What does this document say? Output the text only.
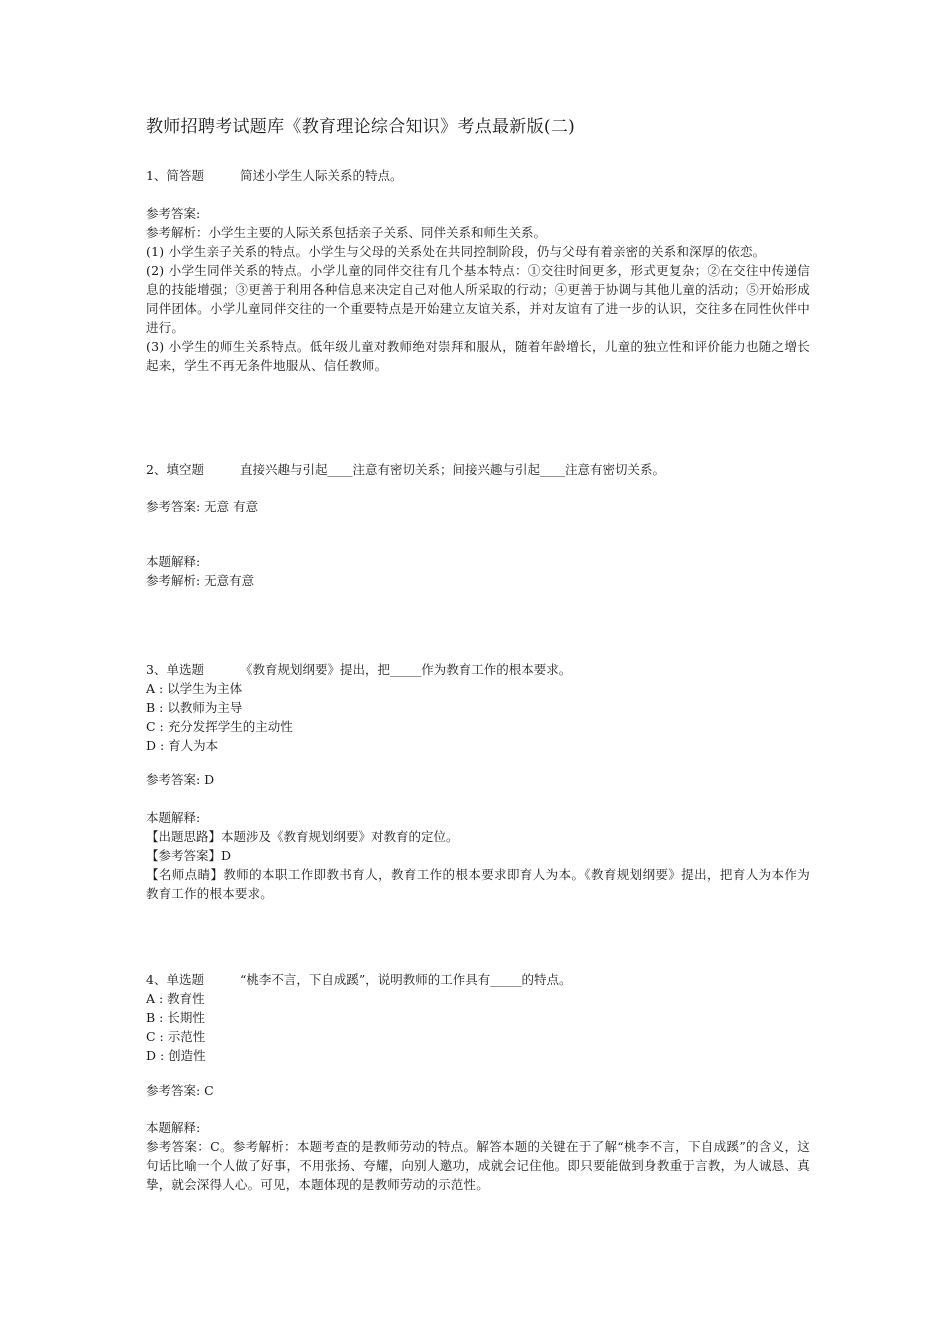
教师招聘考试题库《教育理论综合知识》考点最新版(二)
1、简答题	简述小学生人际关系的特点。
参考答案:
参考解析：小学生主要的人际关系包括亲子关系、同伴关系和师生关系。
(1) 小学生亲子关系的特点。小学生与父母的关系处在共同控制阶段，仍与父母有着亲密的关系和深厚的依恋。
(2) 小学生同伴关系的特点。小学儿童的同伴交往有几个基本特点：①交往时间更多，形式更复杂；②在交往中传递信息的技能增强；③更善于利用各种信息来决定自己对他人所采取的行动；④更善于协调与其他儿童的活动；⑤开始形成同伴团体。小学儿童同伴交往的一个重要特点是开始建立友谊关系，并对友谊有了进一步的认识，交往多在同性伙伴中进行。
(3) 小学生的师生关系特点。低年级儿童对教师绝对崇拜和服从，随着年龄增长，儿童的独立性和评价能力也随之增长起来，学生不再无条件地服从、信任教师。
2、填空题	直接兴趣与引起____注意有密切关系；间接兴趣与引起____注意有密切关系。
参考答案: 无意 有意
本题解释:
参考解析: 无意有意
3、单选题	《教育规划纲要》提出，把_____作为教育工作的根本要求。
A : 以学生为主体
B : 以教师为主导
C : 充分发挥学生的主动性
D : 育人为本
参考答案: D
本题解释:
【出题思路】本题涉及《教育规划纲要》对教育的定位。
【参考答案】D
【名师点睛】教师的本职工作即教书育人，教育工作的根本要求即育人为本。《教育规划纲要》提出，把育人为本作为教育工作的根本要求。
4、单选题	“桃李不言，下自成蹊”，说明教师的工作具有_____的特点。
A : 教育性
B : 长期性
C : 示范性
D : 创造性
参考答案: C
本题解释:
参考答案：C。参考解析：本题考查的是教师劳动的特点。解答本题的关键在于了解“桃李不言，下自成蹊”的含义，这句话比喻一个人做了好事，不用张扬、夸耀，向别人邀功，成就会记住他。即只要能做到身教重于言教，为人诚恳、真挚，就会深得人心。可见，本题体现的是教师劳动的示范性。
